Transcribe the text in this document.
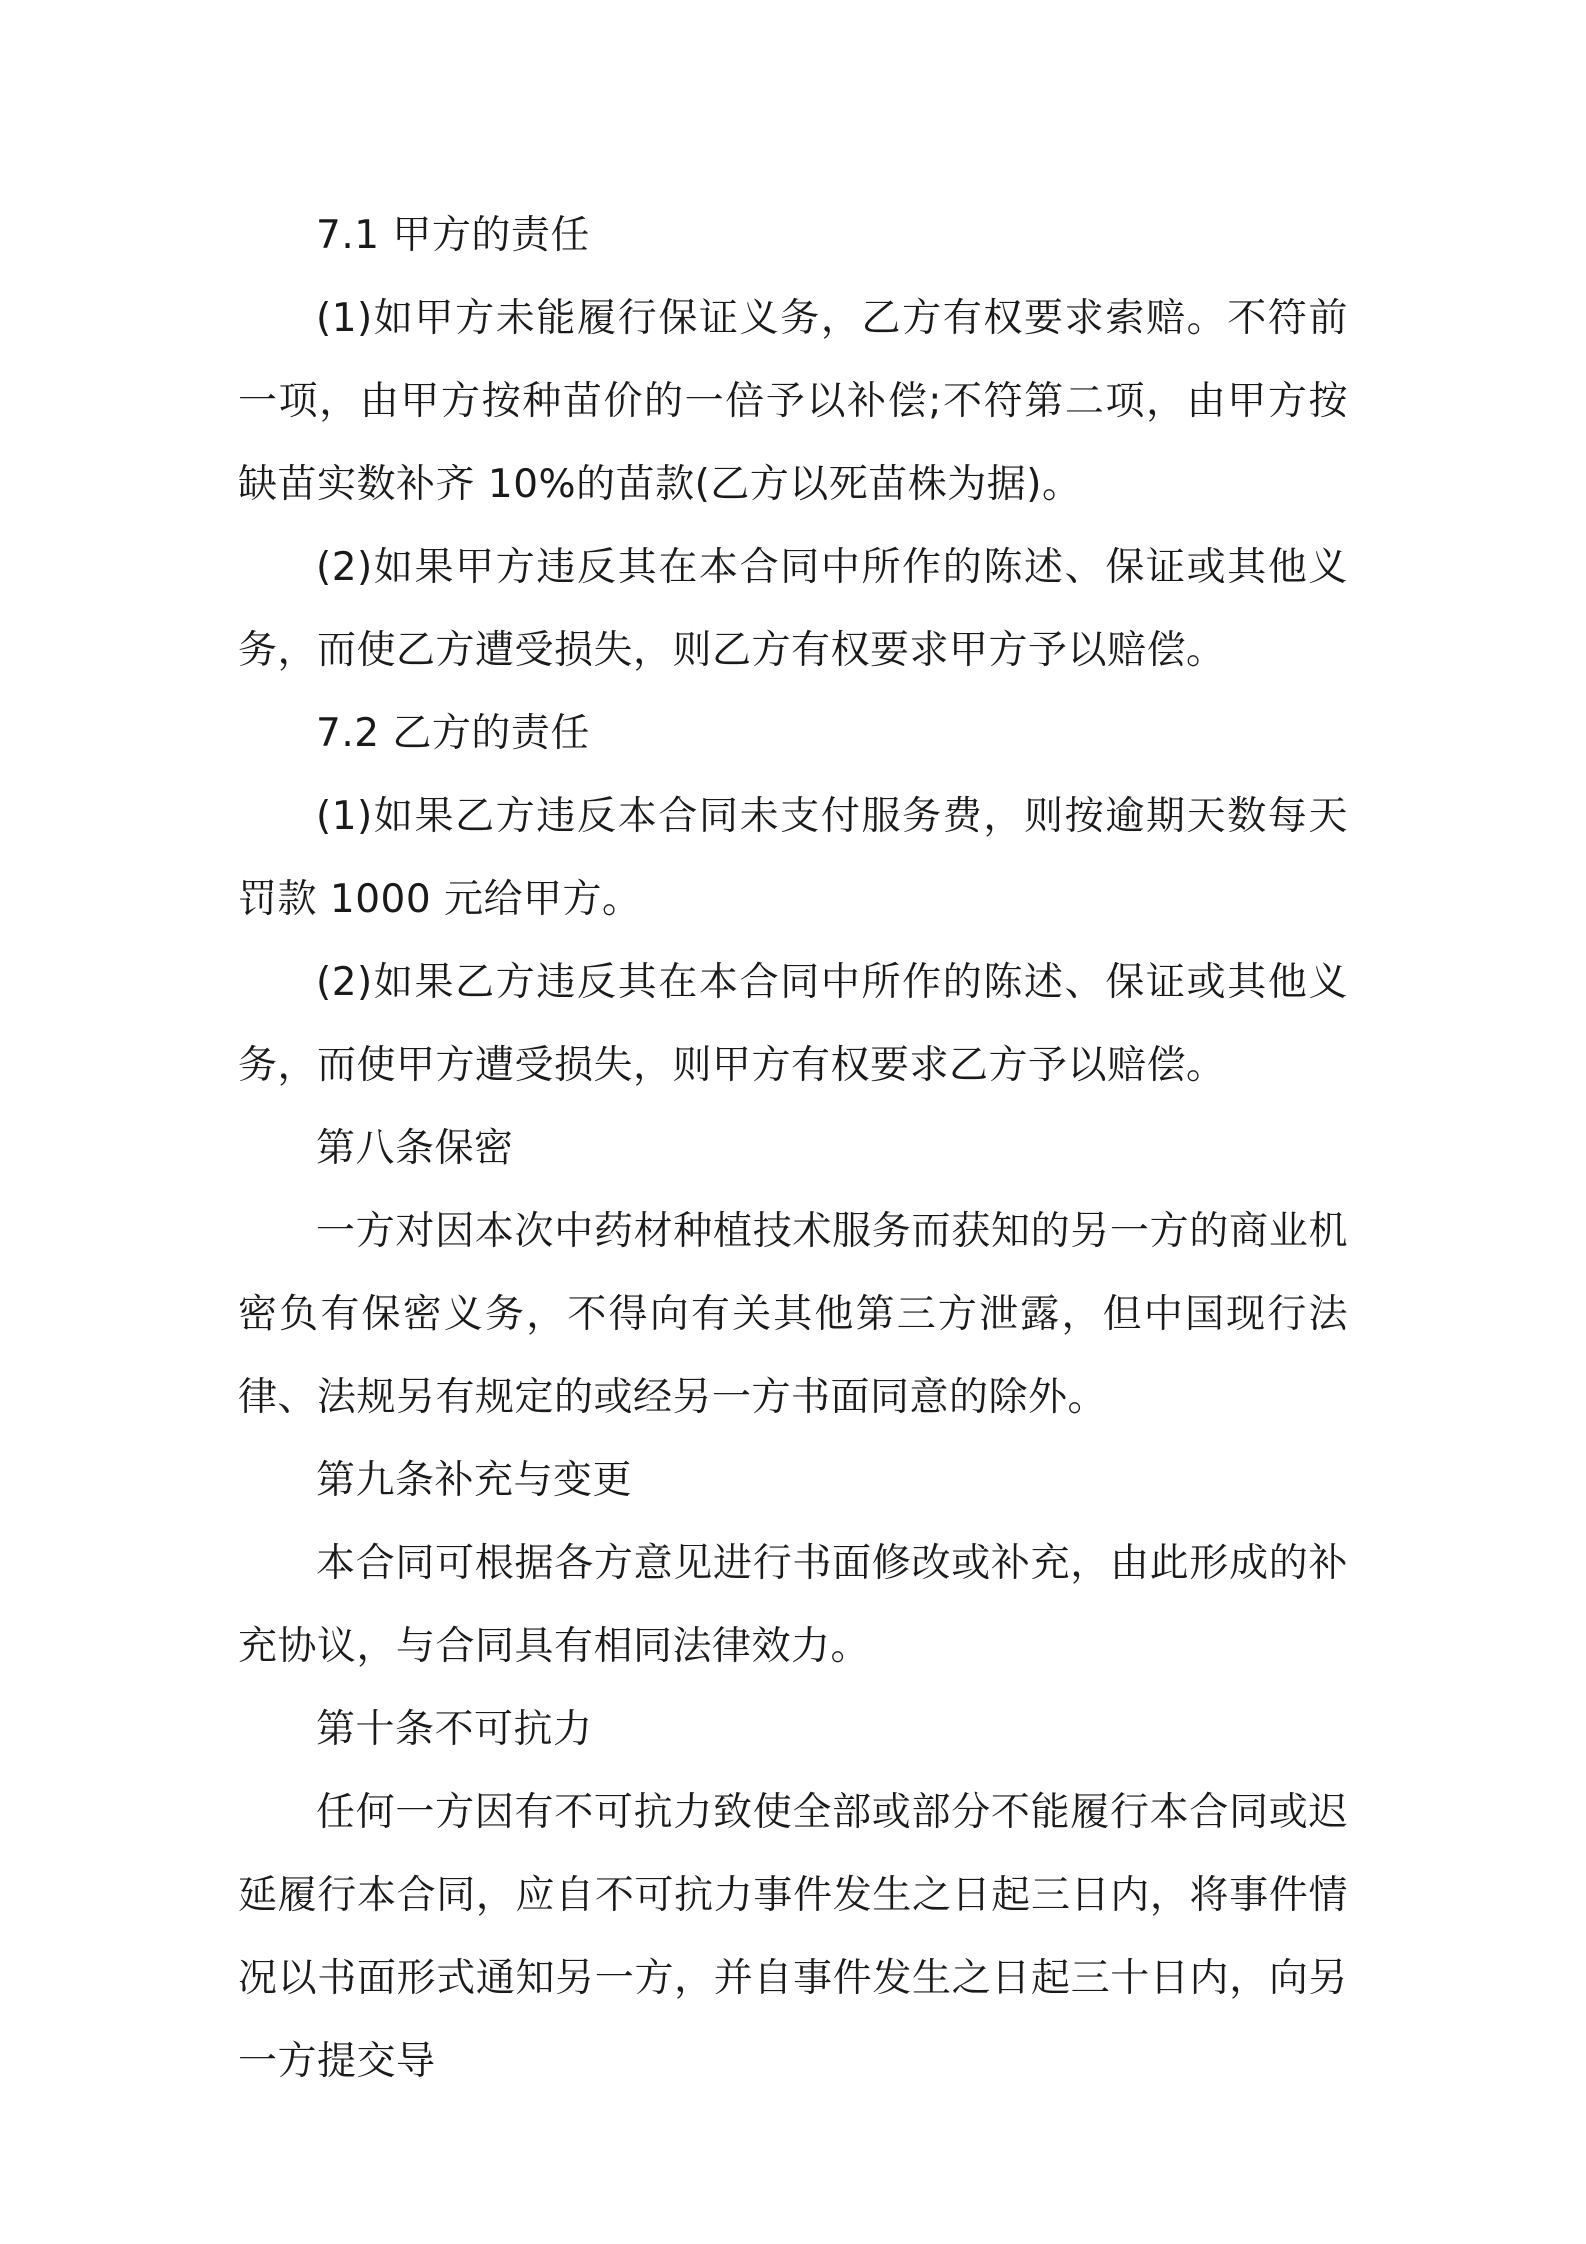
7.1 甲方的责任

(1)如甲方未能履行保证义务，乙方有权要求索赔。不符前一项，由甲方按种苗价的一倍予以补偿;不符第二项，由甲方按缺苗实数补齐 10%的苗款(乙方以死苗株为据)。

(2)如果甲方违反其在本合同中所作的陈述、保证或其他义务，而使乙方遭受损失，则乙方有权要求甲方予以赔偿。

7.2 乙方的责任

(1)如果乙方违反本合同未支付服务费，则按逾期天数每天罚款 1000 元给甲方。

(2)如果乙方违反其在本合同中所作的陈述、保证或其他义务，而使甲方遭受损失，则甲方有权要求乙方予以赔偿。

第八条保密

一方对因本次中药材种植技术服务而获知的另一方的商业机密负有保密义务，不得向有关其他第三方泄露，但中国现行法律、法规另有规定的或经另一方书面同意的除外。

第九条补充与变更

本合同可根据各方意见进行书面修改或补充，由此形成的补充协议，与合同具有相同法律效力。

第十条不可抗力

任何一方因有不可抗力致使全部或部分不能履行本合同或迟延履行本合同，应自不可抗力事件发生之日起三日内，将事件情况以书面形式通知另一方，并自事件发生之日起三十日内，向另一方提交导
